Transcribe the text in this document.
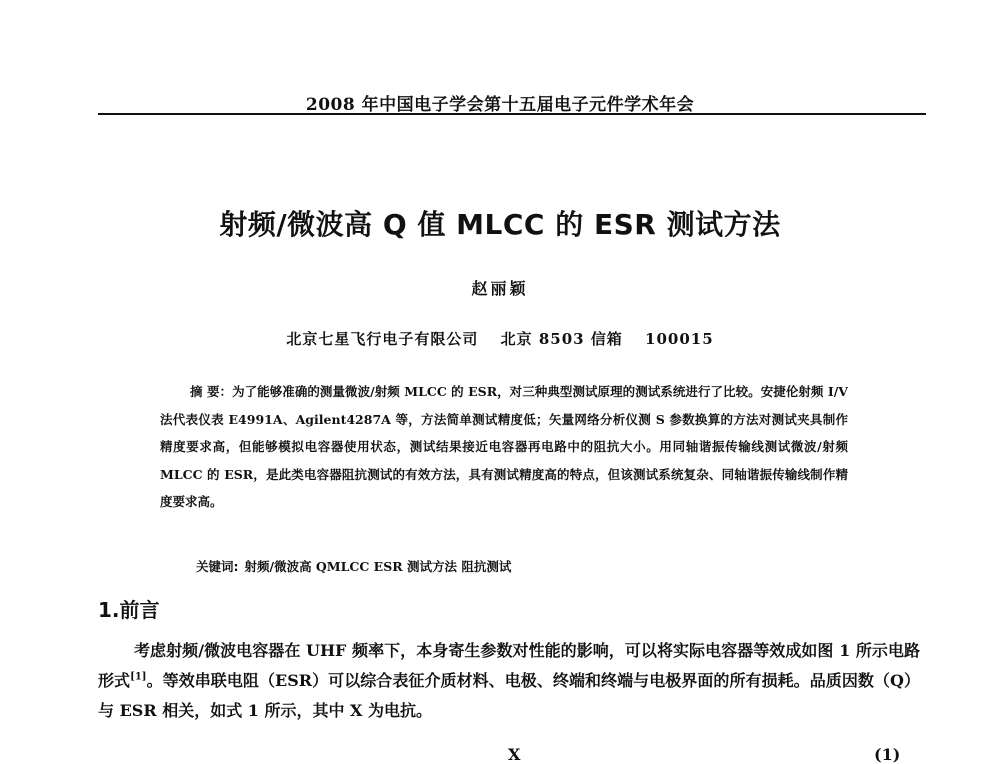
2008 年中国电子学会第十五届电子元件学术年会
射频/微波高 Q 值 MLCC 的 ESR 测试方法
赵丽颖
北京七星飞行电子有限公司 北京 8503 信箱 100015

摘 要：为了能够准确的测量微波/射频 MLCC 的 ESR，对三种典型测试原理的测试系统进行了比较。安捷伦射频 I/V 法代表仪表 E4991A、Agilent4287A 等，方法简单测试精度低；矢量网络分析仪测 S 参数换算的方法对测试夹具制作精度要求高，但能够模拟电容器使用状态，测试结果接近电容器再电路中的阻抗大小。用同轴谐振传输线测试微波/射频 MLCC 的 ESR，是此类电容器阻抗测试的有效方法，具有测试精度高的特点，但该测试系统复杂、同轴谐振传输线制作精度要求高。

关键词: 射频/微波高 QMLCC ESR 测试方法 阻抗测试

1.前言

考虑射频/微波电容器在 UHF 频率下，本身寄生参数对性能的影响，可以将实际电容器等效成如图 1 所示电路形式[1]。等效串联电阻（ESR）可以综合表征介质材料、电极、终端和终端与电极界面的所有损耗。品质因数（Q）与 ESR 相关，如式 1 所示，其中 X 为电抗。

X	(1)
